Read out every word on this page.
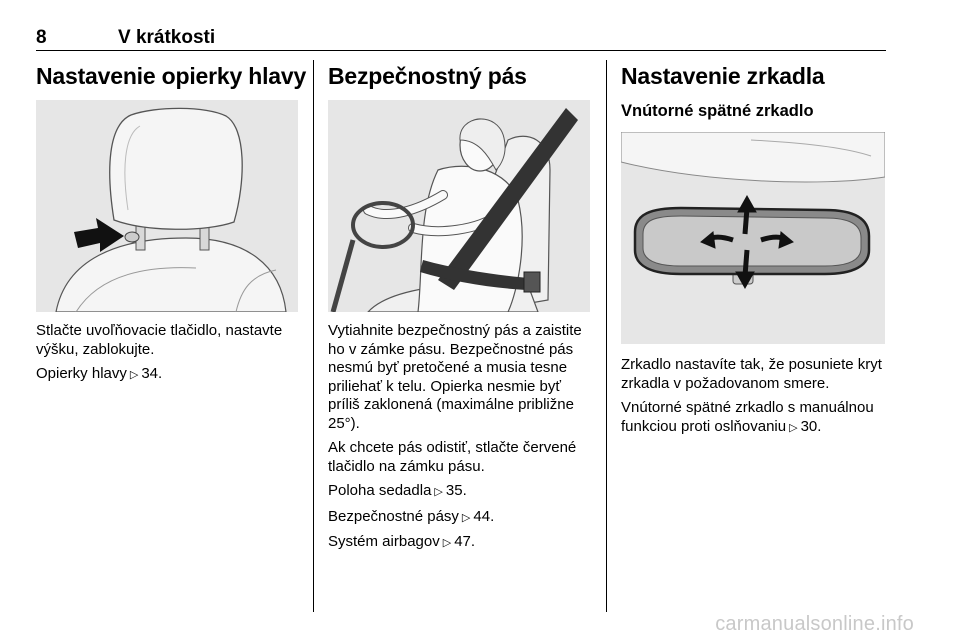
8	V krátkosti
Nastavenie opierky hlavy

Stlačte uvoľňovacie tlačidlo, nastavte výšku, zablokujte.

Opierky hlavy ▷ 34.

Bezpečnostný pás

Vytiahnite bezpečnostný pás a zaistite ho v zámke pásu. Bezpečnostné pás nesmú byť pretočené a musia tesne priliehať k telu. Opierka nesmie byť príliš zaklonená (maximálne približne 25°).

Ak chcete pás odistiť, stlačte červené tlačidlo na zámku pásu.

Poloha sedadla ▷ 35.

Bezpečnostné pásy ▷ 44.

Systém airbagov ▷ 47.

Nastavenie zrkadla
Vnútorné spätné zrkadlo

Zrkadlo nastavíte tak, že posuniete kryt zrkadla v požadovanom smere.

Vnútorné spätné zrkadlo s manuálnou funkciou proti oslňovaniu ▷ 30.

carmanualsonline.info
